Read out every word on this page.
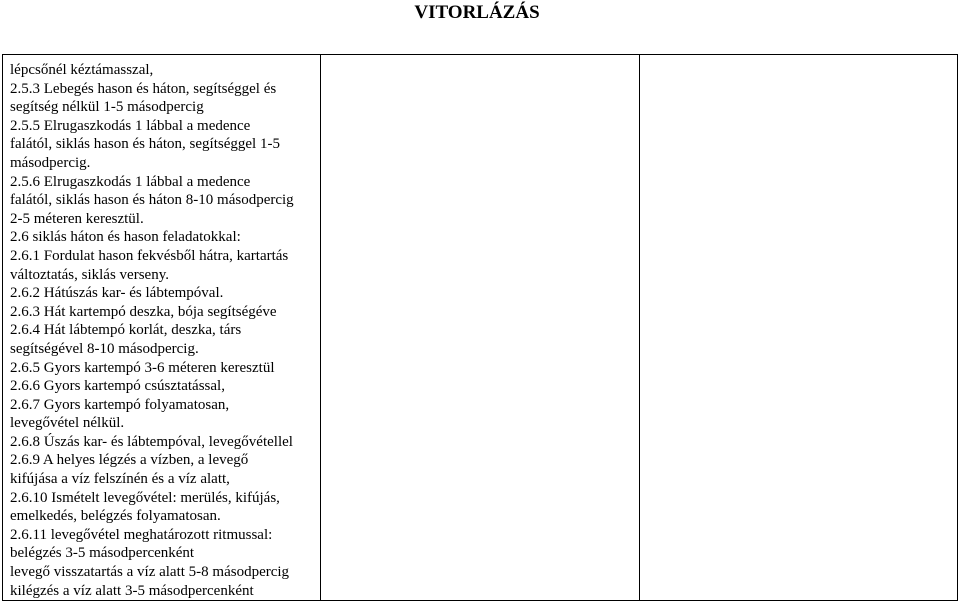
VITORLÁZÁS
lépcsőnél kéztámasszal,
2.5.3 Lebegés hason és háton, segítséggel és
segítség nélkül 1-5 másodpercig
2.5.5 Elrugaszkodás 1 lábbal a medence
falától, siklás hason és háton, segítséggel 1-5
másodpercig.
2.5.6 Elrugaszkodás 1 lábbal a medence
falától, siklás hason és háton 8-10 másodpercig
2-5 méteren keresztül.
2.6 siklás háton és hason feladatokkal:
2.6.1 Fordulat hason fekvésből hátra, kartartás
változtatás, siklás verseny.
2.6.2 Hátúszás kar- és lábtempóval.
2.6.3 Hát kartempó deszka, bója segítségéve
2.6.4 Hát lábtempó korlát, deszka, társ
segítségével 8-10 másodpercig.
2.6.5 Gyors kartempó 3-6 méteren keresztül
2.6.6 Gyors kartempó csúsztatással,
2.6.7 Gyors kartempó folyamatosan,
levegővétel nélkül.
2.6.8 Úszás kar- és lábtempóval, levegővétellel
2.6.9 A helyes légzés a vízben, a levegő
kifújása a víz felszínén és a víz alatt,
2.6.10 Ismételt levegővétel: merülés, kifújás,
emelkedés, belégzés folyamatosan.
2.6.11 levegővétel meghatározott ritmussal:
belégzés 3-5 másodpercenként
levegő visszatartás a víz alatt 5-8 másodpercig
kilégzés a víz alatt 3-5 másodpercenként
